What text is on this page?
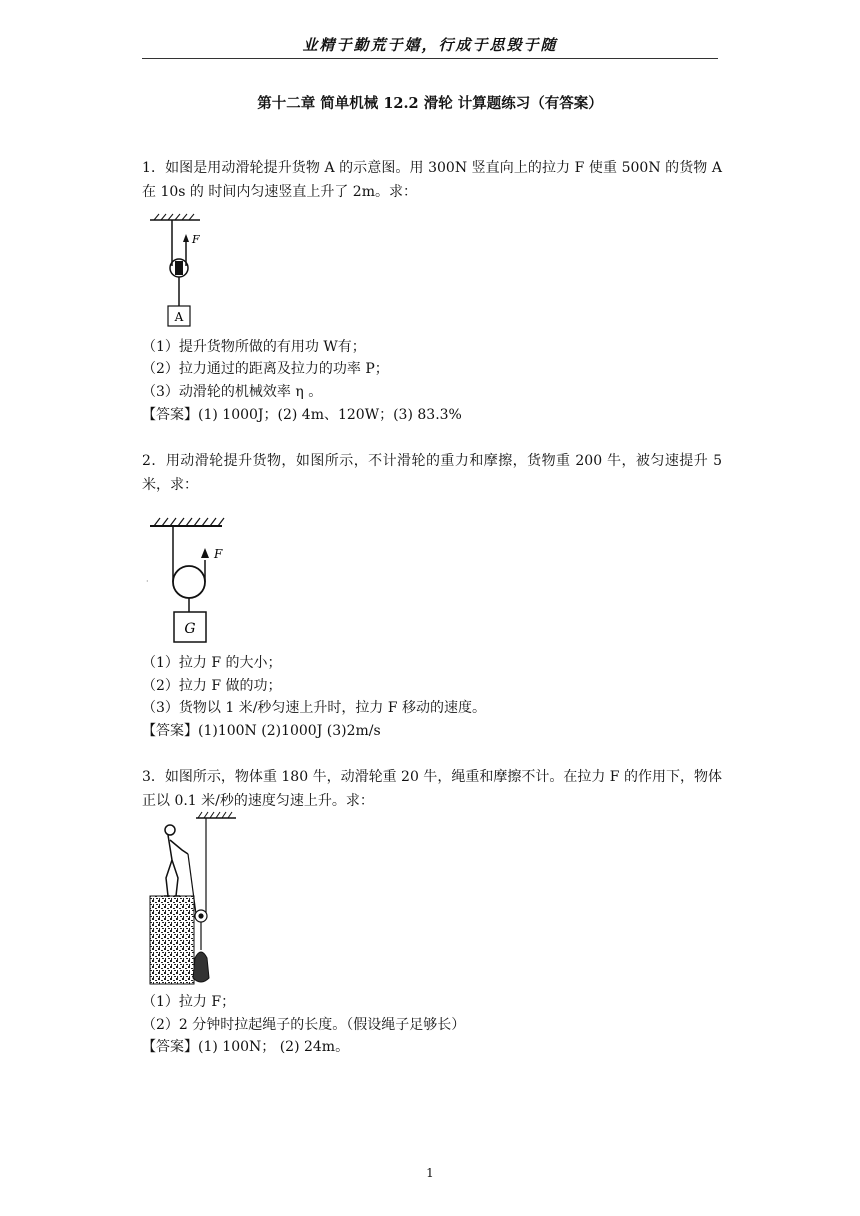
业精于勤荒于嬉，行成于思毁于随
第十二章 简单机械 12.2 滑轮 计算题练习（有答案）
1．如图是用动滑轮提升货物 A 的示意图。用 300N 竖直向上的拉力 F 使重 500N 的货物 A 在 10s 的 时间内匀速竖直上升了 2m。求：
F
A
（1）提升货物所做的有用功 W有；
（2）拉力通过的距离及拉力的功率 P；
（3）动滑轮的机械效率 η 。
【答案】(1) 1000J；(2) 4m、120W；(3) 83.3%
2．用动滑轮提升货物，如图所示，不计滑轮的重力和摩擦，货物重 200 牛，被匀速提升 5 米，求：
F
G
·
（1）拉力 F 的大小；
（2）拉力 F 做的功；
（3）货物以 1 米/秒匀速上升时，拉力 F 移动的速度。
【答案】(1)100N (2)1000J (3)2m/s
3．如图所示，物体重 180 牛，动滑轮重 20 牛，绳重和摩擦不计。在拉力 F 的作用下，物体正以 0.1 米/秒的速度匀速上升。求：
（1）拉力 F；
（2）2 分钟时拉起绳子的长度。（假设绳子足够长）
【答案】(1) 100N； (2) 24m。
1
